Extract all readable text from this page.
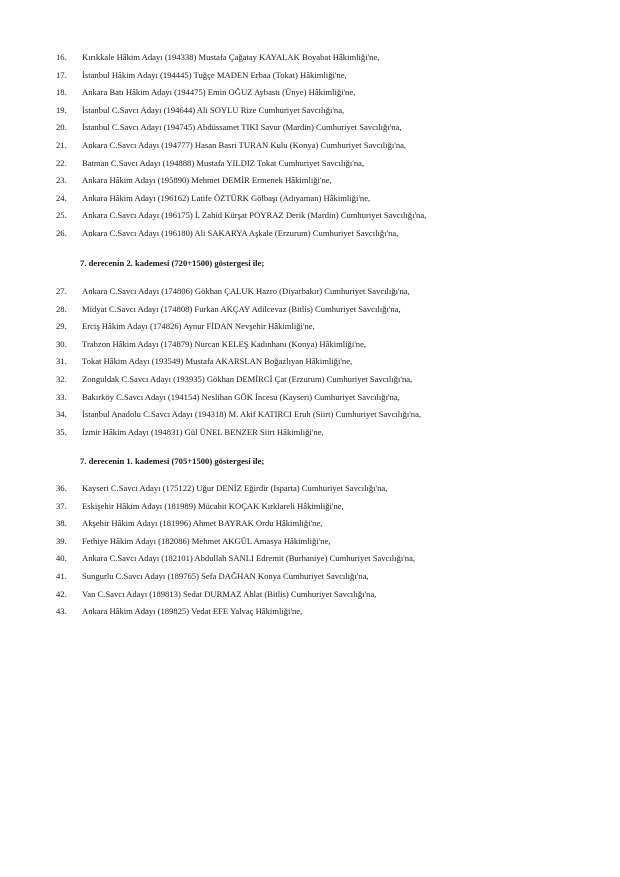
16.	Kırıkkale Hâkim Adayı (194338) Mustafa Çağatay KAYALAK Boyabat Hâkimliği'ne,
17.	İstanbul Hâkim Adayı (194445) Tuğçe MADEN Erbaa (Tokat) Hâkimliği'ne,
18.	Ankara Batı Hâkim Adayı (194475) Emin OĞUZ Aybastı (Ünye) Hâkimliği'ne,
19.	İstanbul C.Savcı Adayı (194644) Ali SOYLU Rize Cumhuriyet Savcılığı'na,
20.	İstanbul C.Savcı Adayı (194745) Abdüssamet TIKI Savur (Mardin) Cumhuriyet Savcılığı'na,
21.	Ankara C.Savcı Adayı (194777) Hasan Basri TURAN Kulu (Konya) Cumhuriyet Savcılığı'na,
22.	Batman C.Savcı Adayı (194888) Mustafa YILDIZ Tokat Cumhuriyet Savcılığı'na,
23.	Ankara Hâkim Adayı (195890) Mehmet DEMİR Ermenek Hâkimliği'ne,
24.	Ankara Hâkim Adayı (196162) Latife ÖZTÜRK Gölbaşı (Adıyaman) Hâkimliği'ne,
25.	Ankara C.Savcı Adayı (196175) İ. Zahid Kürşat POYRAZ Derik (Mardin) Cumhuriyet Savcılığı'na,
26.	Ankara C.Savcı Adayı (196180) Ali SAKARYA Aşkale (Erzurum) Cumhuriyet Savcılığı'na,
7. derecenin 2. kademesi (720+1500) göstergesi ile;
27.	Ankara C.Savcı Adayı (174806) Gökhan ÇALUK Hazro (Diyarbakır) Cumhuriyet Savcılığı'na,
28.	Midyat C.Savcı Adayı (174808) Furkan AKÇAY Adilcevaz (Bitlis) Cumhuriyet Savcılığı'na,
29.	Erciş Hâkim Adayı (174826) Aynur FİDAN Nevşehir Hâkimliği'ne,
30.	Trabzon Hâkim Adayı (174879) Nurcan KELEŞ Kadınhanı (Konya) Hâkimliği'ne,
31.	Tokat Hâkim Adayı (193549) Mustafa AKARSLAN Boğazlıyan Hâkimliği'ne,
32.	Zonguldak C.Savcı Adayı (193935) Gökhan DEMİRCİ Çat (Erzurum) Cumhuriyet Savcılığı'na,
33.	Bakırköy C.Savcı Adayı (194154) Neslihan GÖK İncesu (Kayseri) Cumhuriyet Savcılığı'na,
34.	İstanbul Anadolu C.Savcı Adayı (194318) M. Akif KATIRCI Eruh (Siirt) Cumhuriyet Savcılığı'na,
35.	İzmir Hâkim Adayı (194831) Gül ÜNEL BENZER Siirt Hâkimliği'ne,
7. derecenin 1. kademesi (705+1500) göstergesi ile;
36.	Kayseri C.Savcı Adayı (175122) Uğur DENİZ Eğirdir (Isparta) Cumhuriyet Savcılığı'na,
37.	Eskişehir Hâkim Adayı (181989) Mücahit KOÇAK Kırklareli Hâkimliği'ne,
38.	Akşehir Hâkim Adayı (181996) Ahmet BAYRAK Ordu Hâkimliği'ne,
39.	Fethiye Hâkim Adayı (182086) Mehmet AKGÜL Amasya Hâkimliği'ne,
40.	Ankara C.Savcı Adayı (182101) Abdullah SANLI Edremit (Burhaniye) Cumhuriyet Savcılığı'na,
41.	Sungurlu C.Savcı Adayı (189765) Sefa DAĞHAN Konya Cumhuriyet Savcılığı'na,
42.	Van C.Savcı Adayı (189813) Sedat DURMAZ Ahlat (Bitlis) Cumhuriyet Savcılığı'na,
43.	Ankara Hâkim Adayı (189825) Vedat EFE Yalvaç Hâkimliği'ne,
